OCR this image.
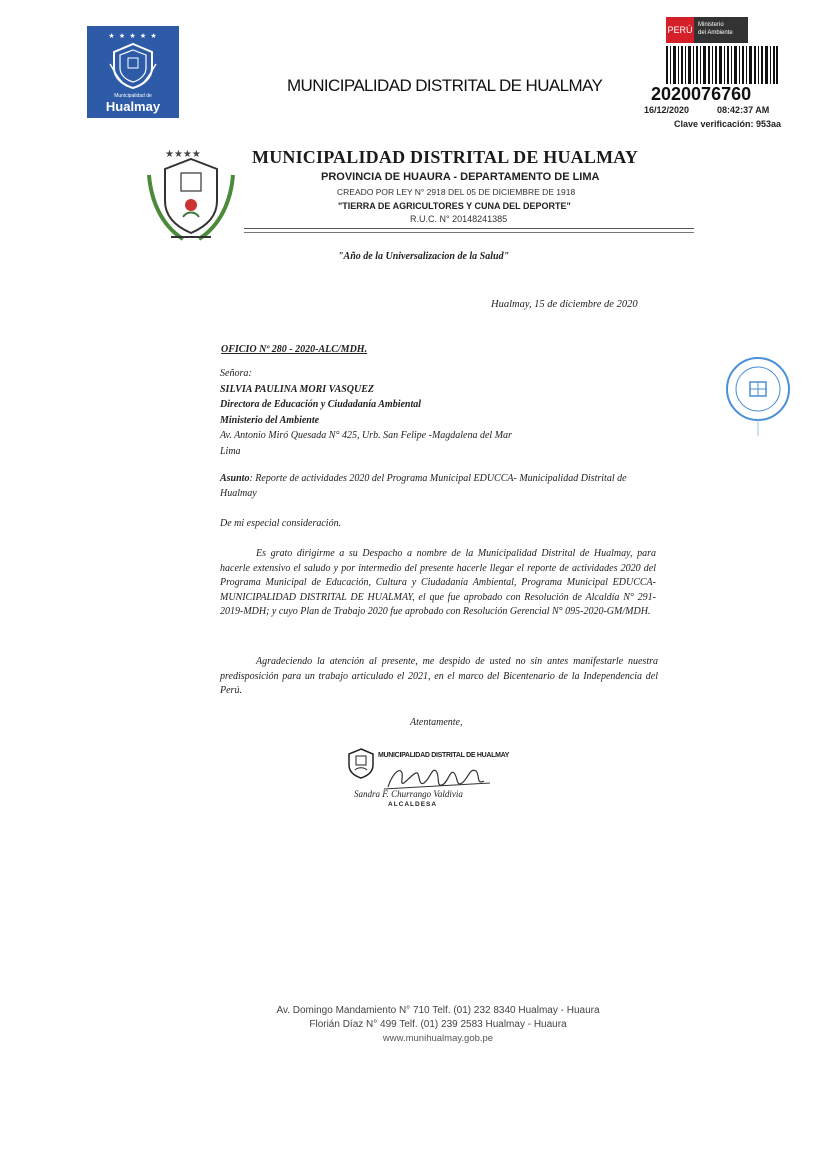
★ ★ ★ ★ ★
Municipalidad de
Hualmay
MUNICIPALIDAD DISTRITAL DE HUALMAY
PERÚ Ministerio
del Ambiente
2020076760
16/12/2020	08:42:37 AM
Clave verificación: 953aa
★★★★	MUNICIPALIDAD DISTRITAL DE HUALMAY
PROVINCIA DE HUAURA - DEPARTAMENTO DE LIMA
CREADO POR LEY N° 2918 DEL 05 DE DICIEMBRE DE 1918
"TIERRA DE AGRICULTORES Y CUNA DEL DEPORTE"
R.U.C. N° 20148241385
"Año de la Universalizacion de la Salud"
Hualmay, 15 de diciembre de 2020
OFICIO Nº 280 - 2020-ALC/MDH.
Señora:
SILVIA PAULINA MORI VASQUEZ
Directora de Educación y Ciudadanía Ambiental
Ministerio del Ambiente
Av. Antonio Miró Quesada N° 425, Urb. San Felipe -Magdalena del Mar
Lima
Asunto: Reporte de actividades 2020 del Programa Municipal EDUCCA- Municipalidad Distrital de Hualmay
De mi especial consideración.
Es grato dirigirme a su Despacho a nombre de la Municipalidad Distrital de Hualmay, para hacerle extensivo el saludo y por intermedio del presente hacerle llegar el reporte de actividades 2020 del Programa Municipal de Educación, Cultura y Ciudadanía Ambiental, Programa Municipal EDUCCA- MUNICIPALIDAD DISTRITAL DE HUALMAY, el que fue aprobado con Resolución de Alcaldía N° 291- 2019-MDH; y cuyo Plan de Trabajo 2020 fue aprobado con Resolución Gerencial N° 095-2020-GM/MDH.
Agradeciendo la atención al presente, me despido de usted no sin antes manifestarle nuestra predisposición para un trabajo articulado el 2021, en el marco del Bicentenario de la Independencia del Perú.
Atentamente,
MUNICIPALIDAD DISTRITAL DE HUALMAY
Sandra F. Churrango Valdivia
ALCALDESA
Av. Domingo Mandamiento N° 710 Telf. (01) 232 8340 Hualmay - Huaura
Florián Díaz N° 499 Telf. (01) 239 2583 Hualmay - Huaura
www.munihualmay.gob.pe
